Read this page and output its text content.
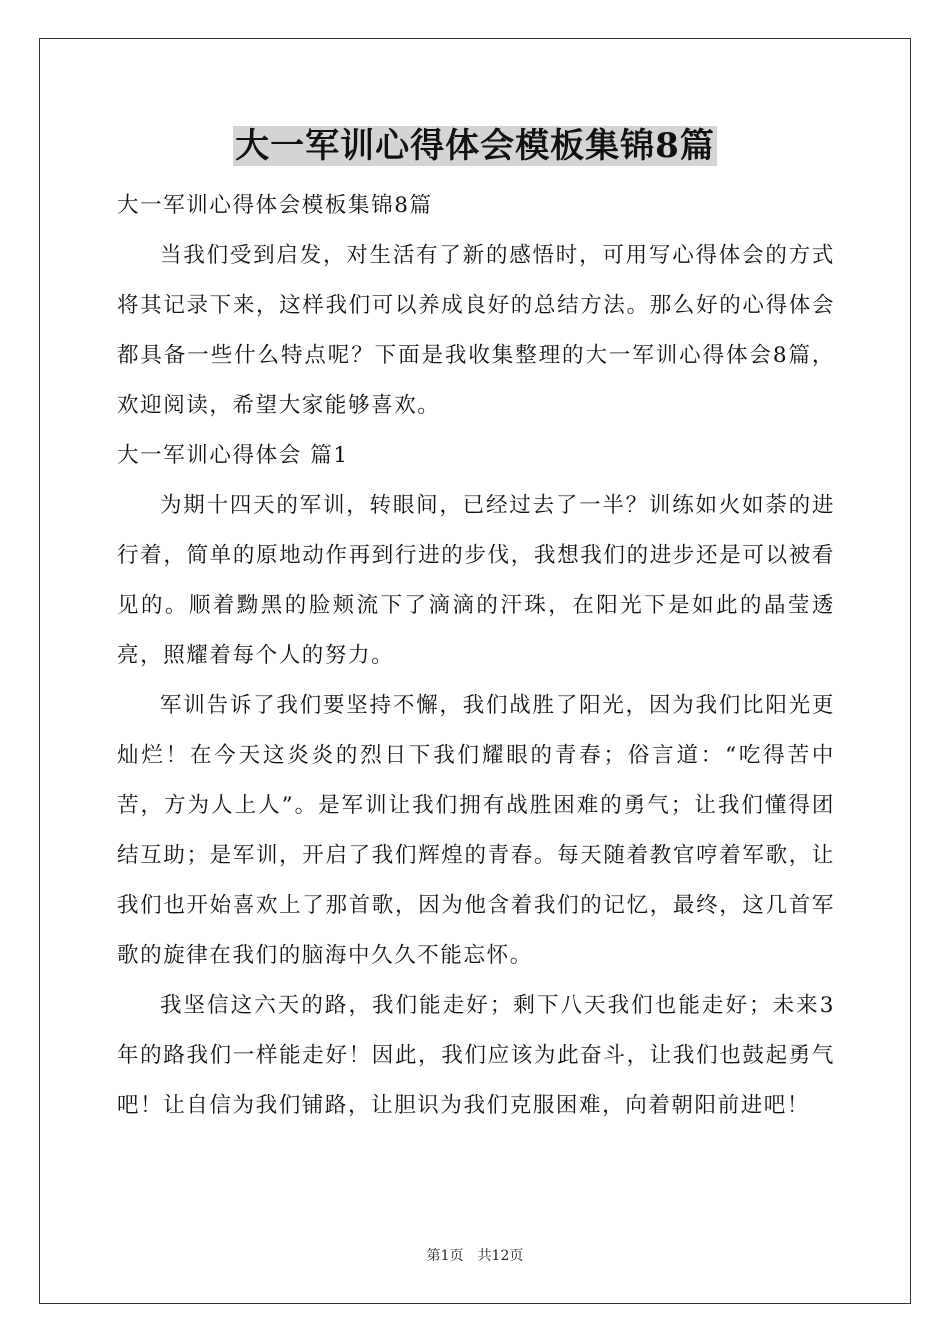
大一军训心得体会模板集锦8篇

大一军训心得体会模板集锦8篇

当我们受到启发，对生活有了新的感悟时，可用写心得体会的方式将其记录下来，这样我们可以养成良好的总结方法。那么好的心得体会都具备一些什么特点呢？下面是我收集整理的大一军训心得体会8篇，欢迎阅读，希望大家能够喜欢。

大一军训心得体会 篇1

为期十四天的军训，转眼间，已经过去了一半？训练如火如荼的进行着，简单的原地动作再到行进的步伐，我想我们的进步还是可以被看见的。顺着黝黑的脸颊流下了滴滴的汗珠，在阳光下是如此的晶莹透亮，照耀着每个人的努力。

军训告诉了我们要坚持不懈，我们战胜了阳光，因为我们比阳光更灿烂！在今天这炎炎的烈日下我们耀眼的青春；俗言道：“吃得苦中苦，方为人上人”。是军训让我们拥有战胜困难的勇气；让我们懂得团结互助；是军训，开启了我们辉煌的青春。每天随着教官哼着军歌，让我们也开始喜欢上了那首歌，因为他含着我们的记忆，最终，这几首军歌的旋律在我们的脑海中久久不能忘怀。

我坚信这六天的路，我们能走好；剩下八天我们也能走好；未来3年的路我们一样能走好！因此，我们应该为此奋斗，让我们也鼓起勇气吧！让自信为我们铺路，让胆识为我们克服困难，向着朝阳前进吧！

第1页　共12页
